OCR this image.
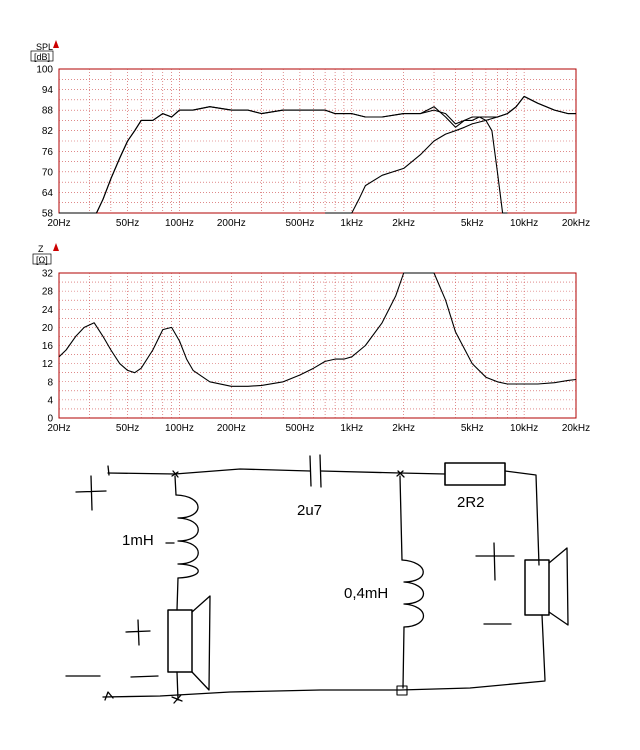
SPL
[dB]
100
94
88
82
76
70
64
58
20Hz	50Hz	100Hz 200Hz	500Hz	1kHz	2kHz	5kHz	10kHz 20kHz
Z
[Ω]
32
28
24
20
16
12
8
4
0
20Hz	50Hz	100Hz 200Hz	500Hz	1kHz	2kHz	5kHz	10kHz 20kHz
1mH
2u7
0,4mH
2R2
